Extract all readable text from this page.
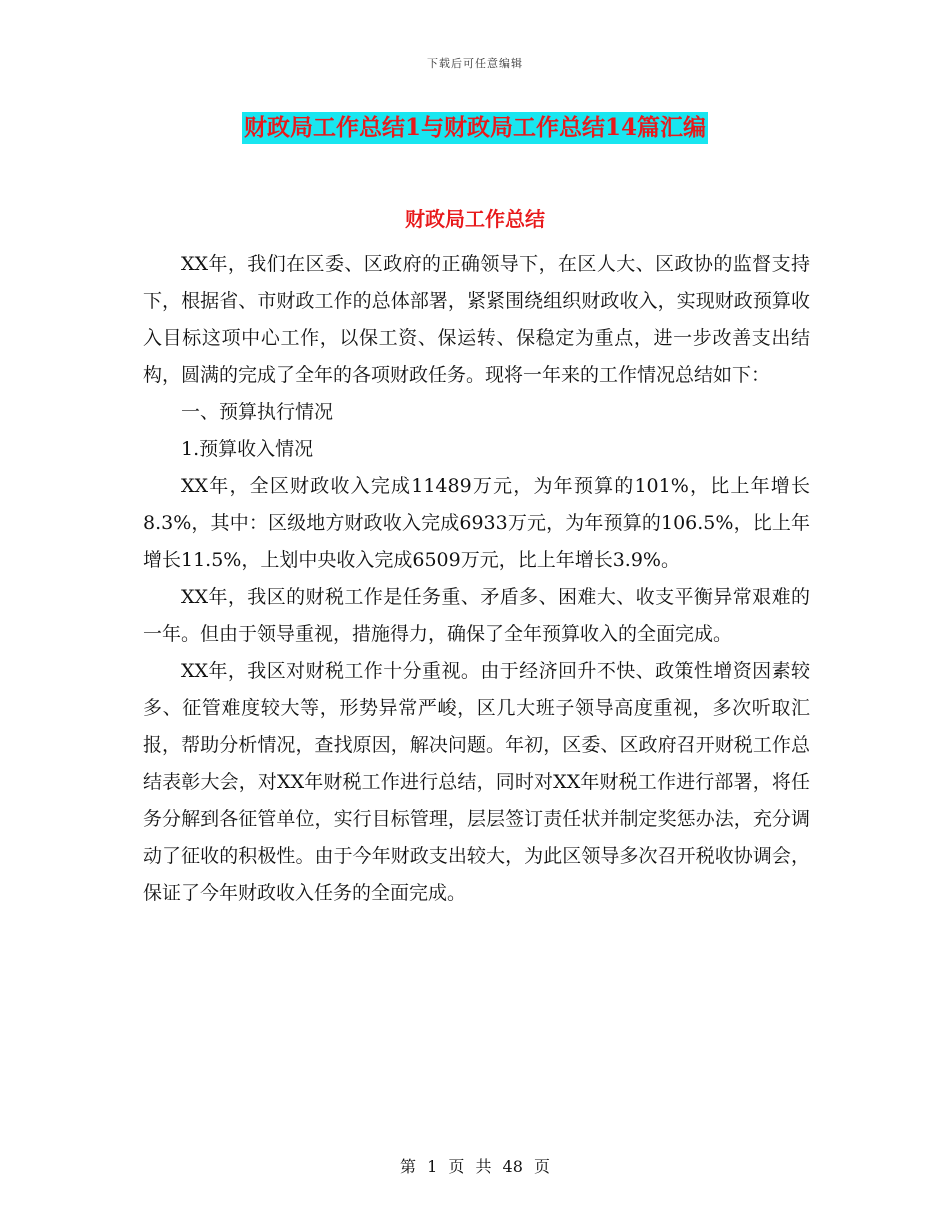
下载后可任意编辑
财政局工作总结1与财政局工作总结14篇汇编
财政局工作总结

XX年，我们在区委、区政府的正确领导下，在区人大、区政协的监督支持下，根据省、市财政工作的总体部署，紧紧围绕组织财政收入，实现财政预算收入目标这项中心工作，以保工资、保运转、保稳定为重点，进一步改善支出结构，圆满的完成了全年的各项财政任务。现将一年来的工作情况总结如下：

一、预算执行情况

1.预算收入情况

XX年，全区财政收入完成11489万元，为年预算的101%，比上年增长8.3%，其中：区级地方财政收入完成6933万元，为年预算的106.5%，比上年增长11.5%，上划中央收入完成6509万元，比上年增长3.9%。

XX年，我区的财税工作是任务重、矛盾多、困难大、收支平衡异常艰难的一年。但由于领导重视，措施得力，确保了全年预算收入的全面完成。

XX年，我区对财税工作十分重视。由于经济回升不快、政策性增资因素较多、征管难度较大等，形势异常严峻，区几大班子领导高度重视，多次听取汇报，帮助分析情况，查找原因，解决问题。年初，区委、区政府召开财税工作总结表彰大会，对XX年财税工作进行总结，同时对XX年财税工作进行部署，将任务分解到各征管单位，实行目标管理，层层签订责任状并制定奖惩办法，充分调动了征收的积极性。由于今年财政支出较大，为此区领导多次召开税收协调会，保证了今年财政收入任务的全面完成。

第 1 页 共 48 页
